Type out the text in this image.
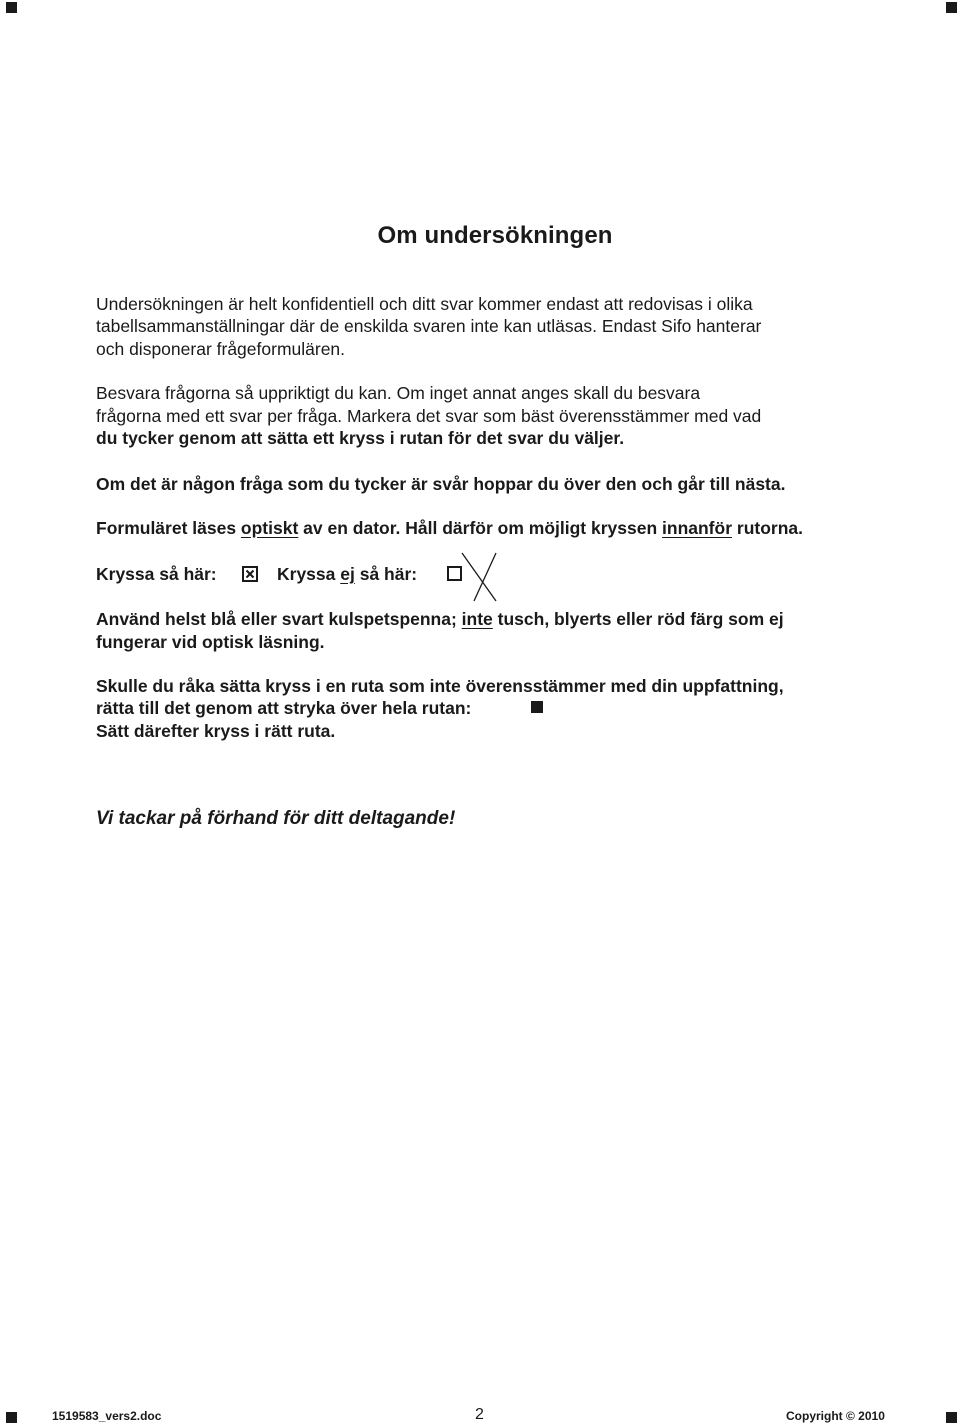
Om undersökningen
Undersökningen är helt konfidentiell och ditt svar kommer endast att redovisas i olika
tabellsammanställningar där de enskilda svaren inte kan utläsas. Endast Sifo hanterar
och disponerar frågeformulären.
Besvara frågorna så uppriktigt du kan. Om inget annat anges skall du besvara
frågorna med ett svar per fråga. Markera det svar som bäst överensstämmer med vad
du tycker genom att sätta ett kryss i rutan för det svar du väljer.
Om det är någon fråga som du tycker är svår hoppar du över den och går till nästa.
Formuläret läses optiskt av en dator. Håll därför om möjligt kryssen innanför rutorna.
Kryssa så här:	Kryssa ej så här:
Använd helst blå eller svart kulspetspenna; inte tusch, blyerts eller röd färg som ej
fungerar vid optisk läsning.
Skulle du råka sätta kryss i en ruta som inte överensstämmer med din uppfattning,
rätta till det genom att stryka över hela rutan:
Sätt därefter kryss i rätt ruta.
Vi tackar på förhand för ditt deltagande!
1519583_vers2.doc	2	Copyright © 2010
